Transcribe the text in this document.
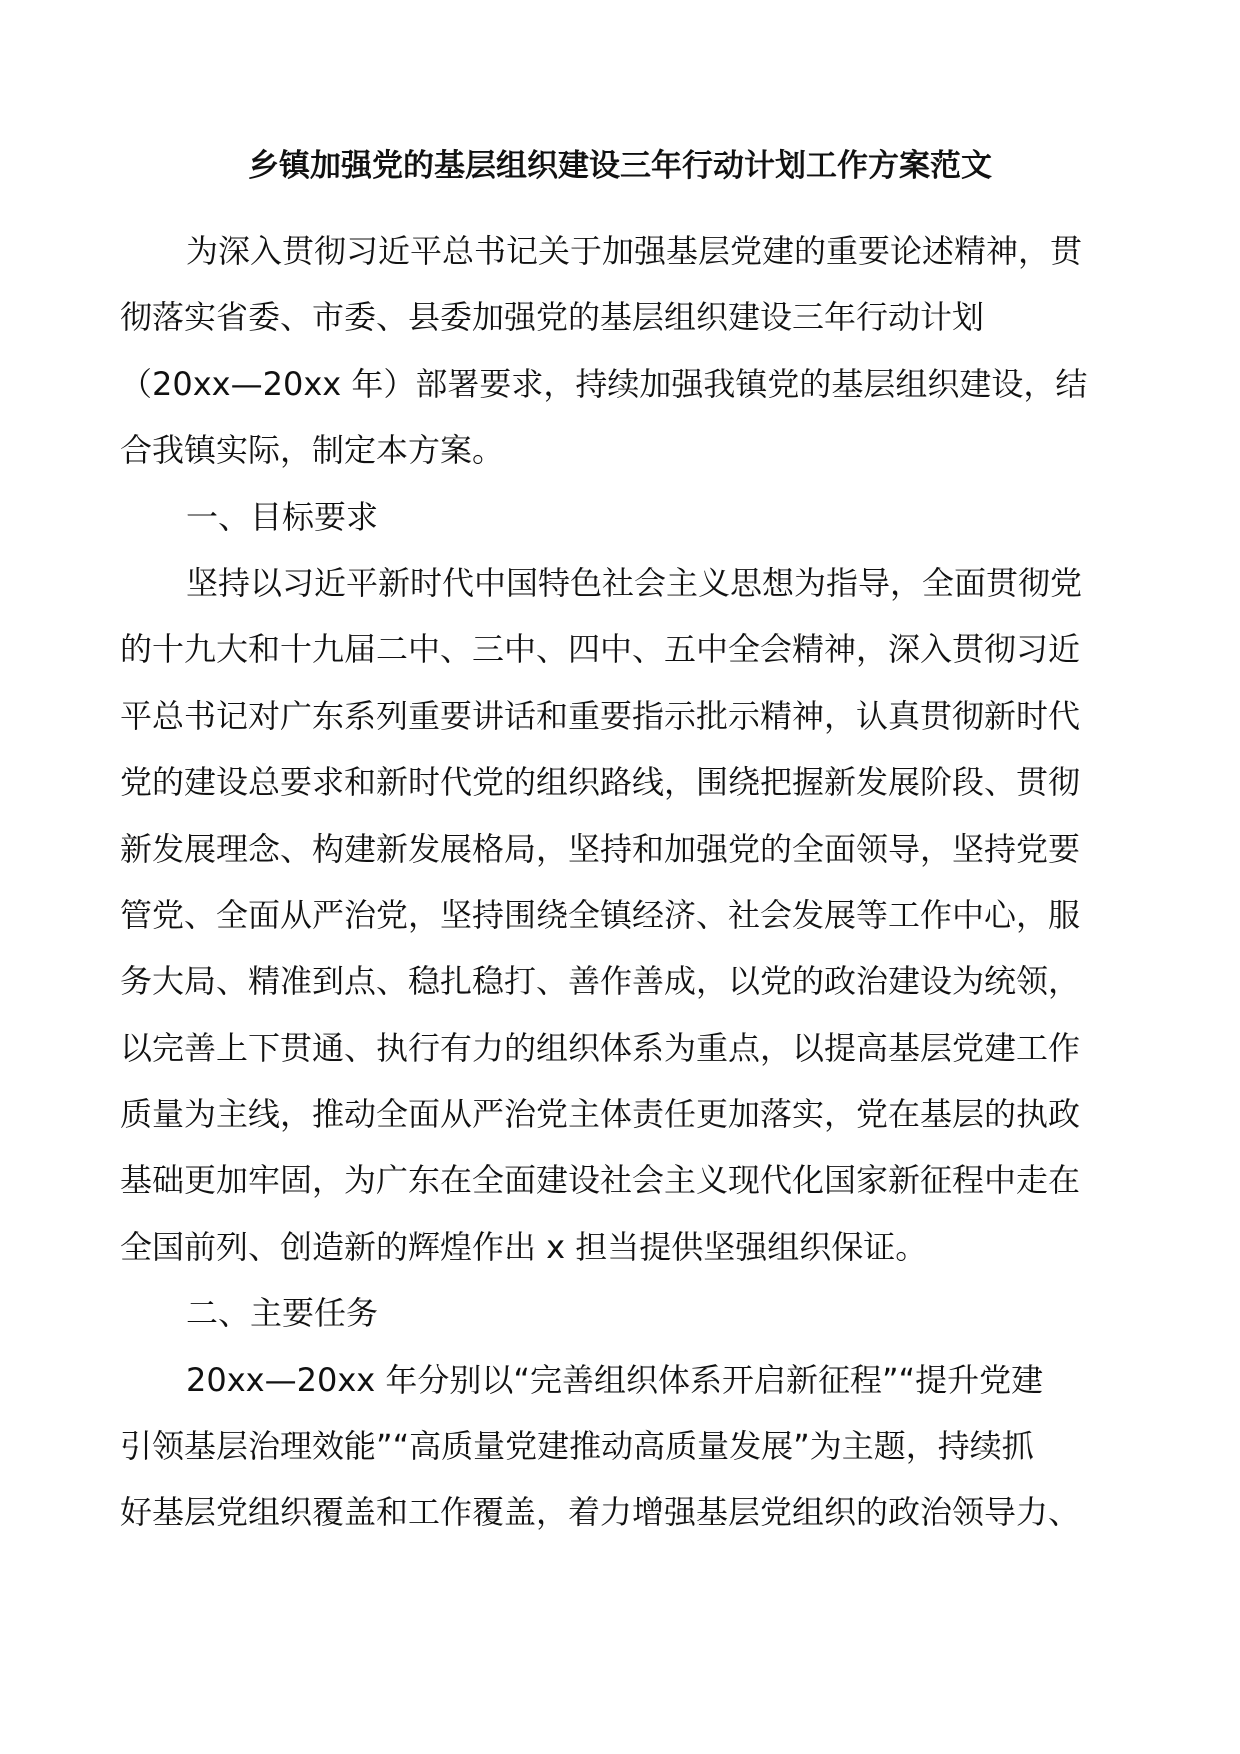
乡镇加强党的基层组织建设三年行动计划工作方案范文
为深入贯彻习近平总书记关于加强基层党建的重要论述精神，贯
彻落实省委、市委、县委加强党的基层组织建设三年行动计划
（20xx—20xx 年）部署要求，持续加强我镇党的基层组织建设，结
合我镇实际，制定本方案。
一、目标要求
坚持以习近平新时代中国特色社会主义思想为指导，全面贯彻党
的十九大和十九届二中、三中、四中、五中全会精神，深入贯彻习近
平总书记对广东系列重要讲话和重要指示批示精神，认真贯彻新时代
党的建设总要求和新时代党的组织路线，围绕把握新发展阶段、贯彻
新发展理念、构建新发展格局，坚持和加强党的全面领导，坚持党要
管党、全面从严治党，坚持围绕全镇经济、社会发展等工作中心，服
务大局、精准到点、稳扎稳打、善作善成，以党的政治建设为统领，
以完善上下贯通、执行有力的组织体系为重点，以提高基层党建工作
质量为主线，推动全面从严治党主体责任更加落实，党在基层的执政
基础更加牢固，为广东在全面建设社会主义现代化国家新征程中走在
全国前列、创造新的辉煌作出 x 担当提供坚强组织保证。
二、主要任务
20xx—20xx 年分别以“完善组织体系开启新征程”“提升党建
引领基层治理效能”“高质量党建推动高质量发展”为主题，持续抓
好基层党组织覆盖和工作覆盖，着力增强基层党组织的政治领导力、
